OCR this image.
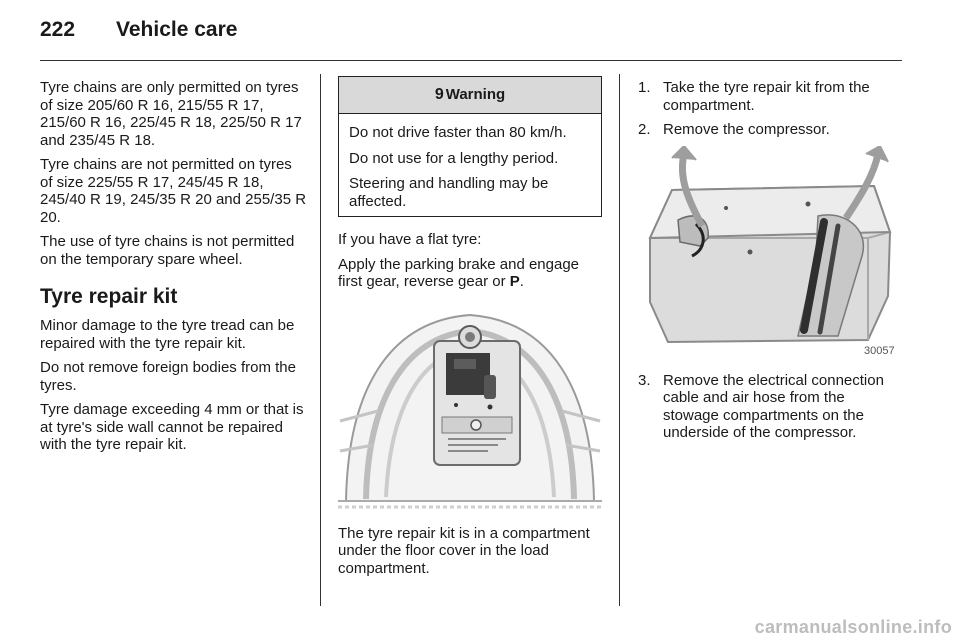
222	Vehicle care

Tyre chains are only permitted on tyres of size 205/60 R 16, 215/55 R 17, 215/60 R 16, 225/45 R 18, 225/50 R 17 and 235/45 R 18.

Tyre chains are not permitted on tyres of size 225/55 R 17, 245/45 R 18, 245/40 R 19, 245/35 R 20 and 255/35 R 20.

The use of tyre chains is not permitted on the temporary spare wheel.

Tyre repair kit

Minor damage to the tyre tread can be repaired with the tyre repair kit.

Do not remove foreign bodies from the tyres.

Tyre damage exceeding 4 mm or that is at tyre's side wall cannot be repaired with the tyre repair kit.

9 Warning

Do not drive faster than 80 km/h.

Do not use for a lengthy period.

Steering and handling may be affected.

If you have a flat tyre:

Apply the parking brake and engage first gear, reverse gear or P.

The tyre repair kit is in a compartment under the floor cover in the load compartment.

1. Take the tyre repair kit from the compartment.
2. Remove the compressor.
30057
3. Remove the electrical connection cable and air hose from the stowage compartments on the underside of the compressor.
carmanualsonline.info
